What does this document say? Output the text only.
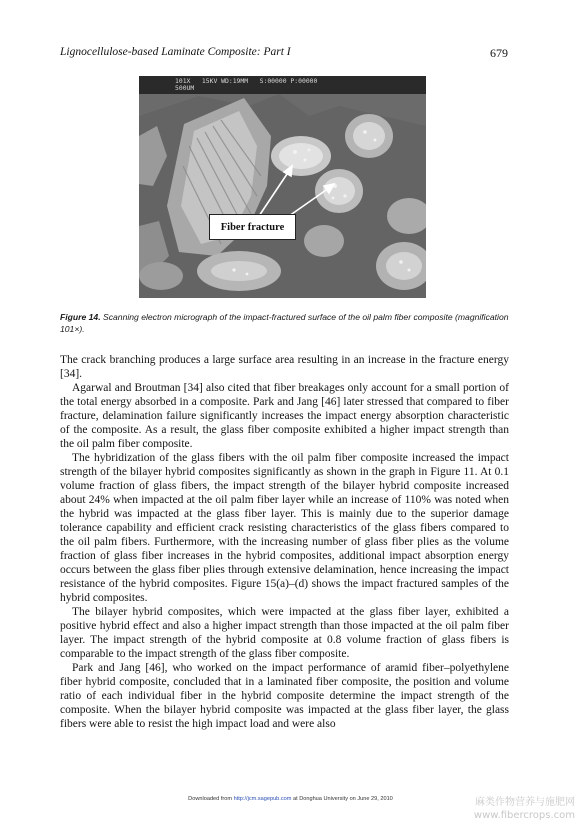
Lignocellulose-based Laminate Composite: Part I	679
101X   15KV WD:19MM   S:00000 P:00000
500UM
Fiber fracture
Figure 14. Scanning electron micrograph of the impact-fractured surface of the oil palm fiber composite (magnification 101×).

The crack branching produces a large surface area resulting in an increase in the fracture energy [34].

Agarwal and Broutman [34] also cited that fiber breakages only account for a small portion of the total energy absorbed in a composite. Park and Jang [46] later stressed that compared to fiber fracture, delamination failure significantly increases the impact energy absorption characteristic of the composite. As a result, the glass fiber composite exhibited a higher impact strength than the oil palm fiber composite.

The hybridization of the glass fibers with the oil palm fiber composite increased the impact strength of the bilayer hybrid composites significantly as shown in the graph in Figure 11. At 0.1 volume fraction of glass fibers, the impact strength of the bilayer hybrid composite increased about 24% when impacted at the oil palm fiber layer while an increase of 110% was noted when the hybrid was impacted at the glass fiber layer. This is mainly due to the superior damage tolerance capability and efficient crack resisting characteristics of the glass fibers compared to the oil palm fibers. Furthermore, with the increasing number of glass fiber plies as the volume fraction of glass fiber increases in the hybrid composites, additional impact absorption energy occurs between the glass fiber plies through extensive delamination, hence increasing the impact resistance of the hybrid composites. Figure 15(a)–(d) shows the impact fractured samples of the hybrid composites.

The bilayer hybrid composites, which were impacted at the glass fiber layer, exhibited a positive hybrid effect and also a higher impact strength than those impacted at the oil palm fiber layer. The impact strength of the hybrid composite at 0.8 volume fraction of glass fibers is comparable to the impact strength of the glass fiber composite.

Park and Jang [46], who worked on the impact performance of aramid fiber–polyethylene fiber hybrid composite, concluded that in a laminated fiber composite, the position and volume ratio of each individual fiber in the hybrid composite determine the impact strength of the composite. When the bilayer hybrid composite was impacted at the glass fiber layer, the glass fibers were able to resist the high impact load and were also

Downloaded from http://jcm.sagepub.com at Donghua University on June 29, 2010	麻类作物营养与施肥网
www.fibercrops.com
